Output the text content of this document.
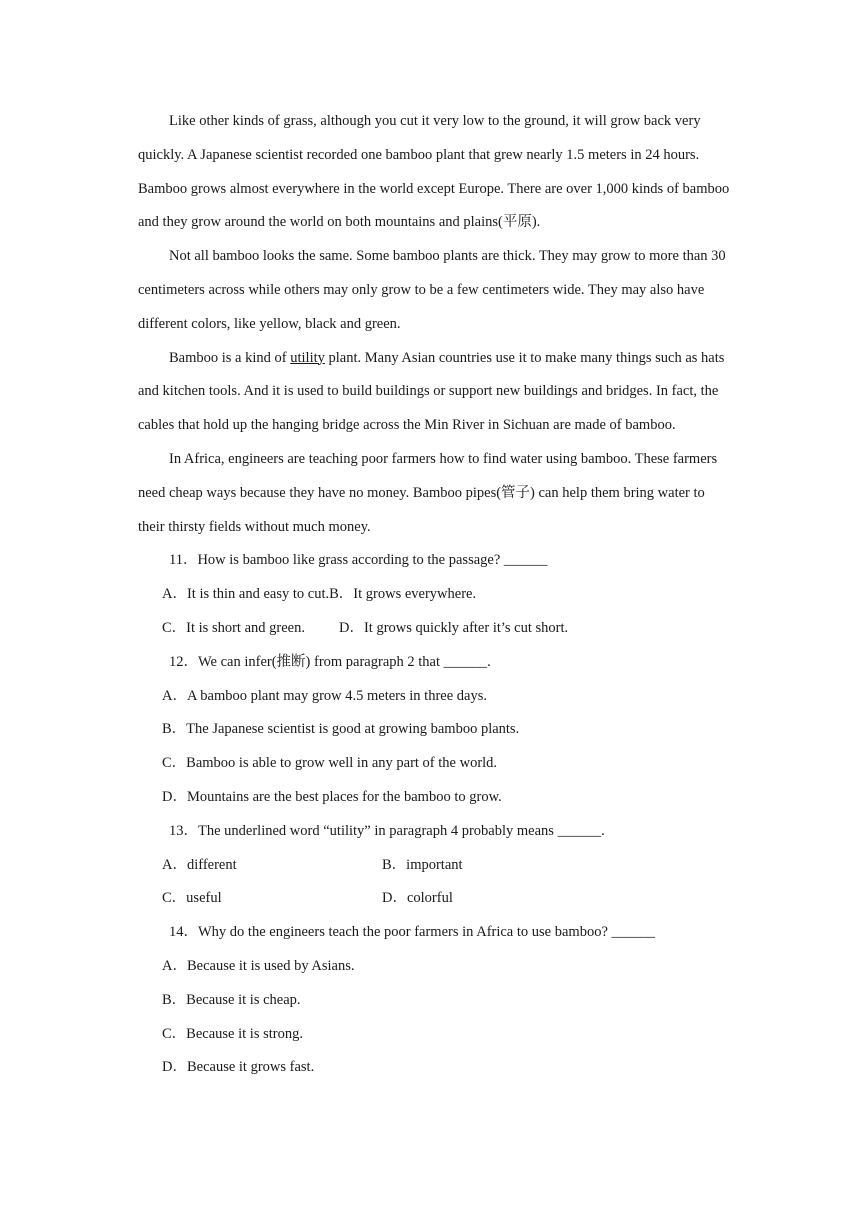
Like other kinds of grass, although you cut it very low to the ground, it will grow back very quickly. A Japanese scientist recorded one bamboo plant that grew nearly 1.5 meters in 24 hours. Bamboo grows almost everywhere in the world except Europe. There are over 1,000 kinds of bamboo and they grow around the world on both mountains and plains(平原).

Not all bamboo looks the same. Some bamboo plants are thick. They may grow to more than 30 centimeters across while others may only grow to be a few centimeters wide. They may also have different colors, like yellow, black and green.

Bamboo is a kind of utility plant. Many Asian countries use it to make many things such as hats and kitchen tools. And it is used to build buildings or support new buildings and bridges. In fact, the cables that hold up the hanging bridge across the Min River in Sichuan are made of bamboo.

In Africa, engineers are teaching poor farmers how to find water using bamboo. These farmers need cheap ways because they have no money. Bamboo pipes(管子) can help them bring water to their thirsty fields without much money.

11．How is bamboo like grass according to the passage? ______
A．It is thin and easy to cut.B．It grows everywhere.
C．It is short and green. D．It grows quickly after it’s cut short.
12．We can infer(推断) from paragraph 2 that ______.
A．A bamboo plant may grow 4.5 meters in three days.
B．The Japanese scientist is good at growing bamboo plants.
C．Bamboo is able to grow well in any part of the world.
D．Mountains are the best places for the bamboo to grow.
13．The underlined word “utility” in paragraph 4 probably means ______.
A．different	B．important
C．useful	D．colorful
14．Why do the engineers teach the poor farmers in Africa to use bamboo? ______
A．Because it is used by Asians.
B．Because it is cheap.
C．Because it is strong.
D．Because it grows fast.
